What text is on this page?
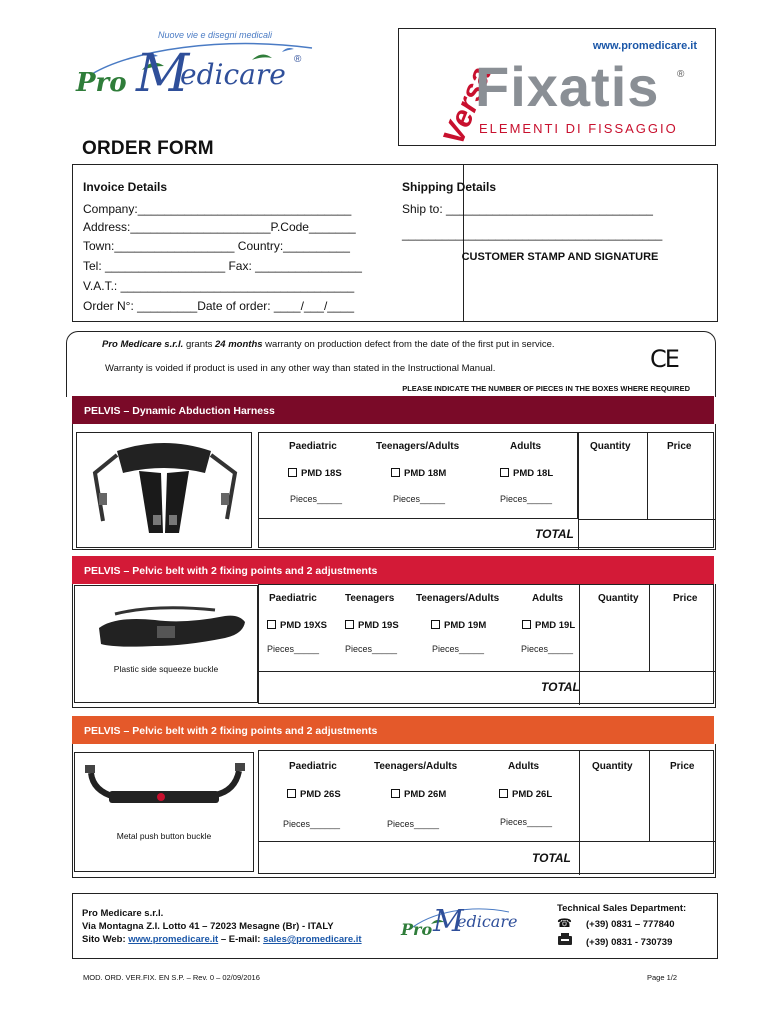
Nuove vie e disegni medicali
Pro M
edicare ®
www.promedicare.it
Versa
Fixatis ®
ELEMENTI DI FISSAGGIO
ORDER FORM
Invoice Details
Company:________________________________
Address:_____________________P.Code_______
Town:__________________ Country:__________
Tel: __________________ Fax: ________________
V.A.T.: ___________________________________
Order N°: _________Date of order: ____/___/____
Shipping Details
Ship to: _______________________________
_______________________________________
CUSTOMER STAMP AND SIGNATURE
Pro Medicare s.r.l. grants 24 months warranty on production defect from the date of the first put in service.
Warranty is voided if product is used in any other way than stated in the Instructional Manual.	CE
PLEASE INDICATE THE NUMBER OF PIECES IN THE BOXES WHERE REQUIRED
PELVIS – Dynamic Abduction Harness
Paediatric	Teenagers/Adults	Adults	Quantity	Price
PMD 18S	PMD 18M	PMD 18L
Pieces_____	Pieces_____	Pieces_____
TOTAL
PELVIS – Pelvic belt with 2 fixing points and 2 adjustments
Plastic side squeeze buckle
Paediatric	Teenagers Teenagers/Adults	Adults	Quantity	Price
PMD 19XS	PMD 19S	PMD 19M	PMD 19L
Pieces_____	Pieces_____	Pieces_____	Pieces_____
TOTAL
PELVIS – Pelvic belt with 2 fixing points and 2 adjustments
Metal push button buckle
Paediatric	Teenagers/Adults	Adults	Quantity	Price
PMD 26S	PMD 26M	PMD 26L
Pieces______	Pieces_____	Pieces_____
TOTAL
Pro Medicare s.r.l.
Via Montagna Z.I. Lotto 41 – 72023 Mesagne (Br) - ITALY
Sito Web: www.promedicare.it – E-mail: sales@promedicare.it
Pro M
edicare
Technical Sales Department:
☎ (+39) 0831 – 777840
(+39) 0831 - 730739
MOD. ORD. VER.FIX. EN S.P. – Rev. 0 – 02/09/2016	Page 1/2
